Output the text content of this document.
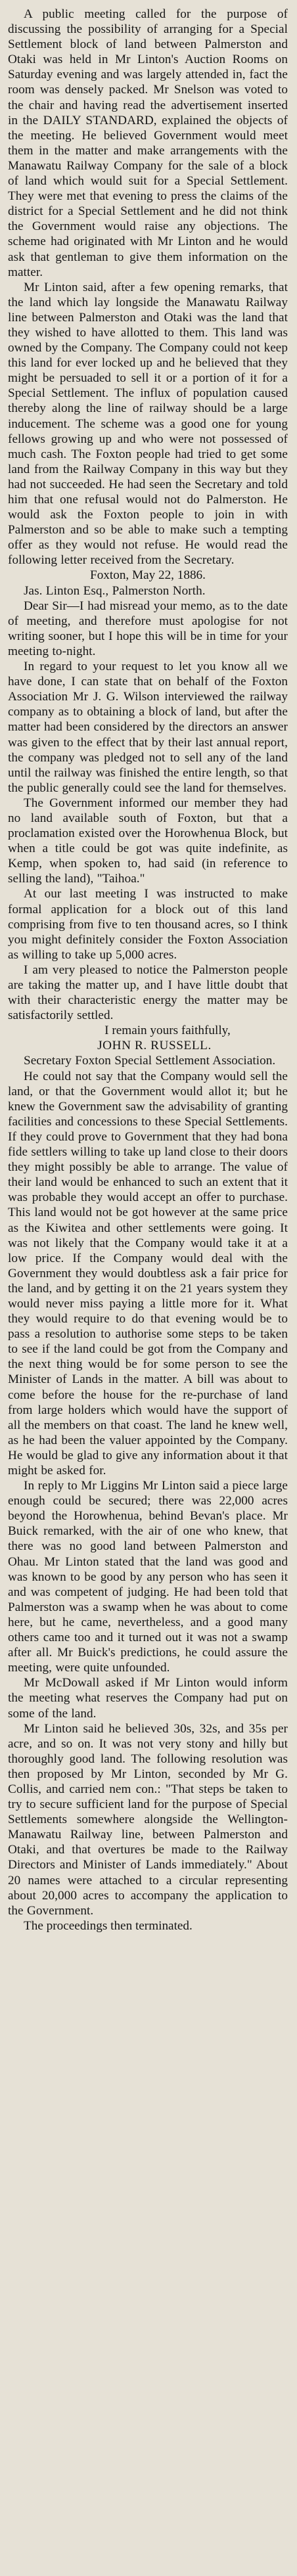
A public meeting called for the purpose of discussing the possibility of arranging for a Special Settlement block of land between Palmerston and Otaki was held in Mr Linton's Auction Rooms on Saturday evening and was largely attended in, fact the room was densely packed. Mr Snelson was voted to the chair and having read the advertisement inserted in the DAILY STANDARD, explained the objects of the meeting. He believed Government would meet them in the matter and make arrangements with the Manawatu Railway Company for the sale of a block of land which would suit for a Special Settlement. They were met that evening to press the claims of the district for a Special Settlement and he did not think the Government would raise any objections. The scheme had originated with Mr Linton and he would ask that gentleman to give them information on the matter.

Mr Linton said, after a few opening remarks, that the land which lay longside the Manawatu Railway line between Palmerston and Otaki was the land that they wished to have allotted to them. This land was owned by the Company. The Company could not keep this land for ever locked up and he believed that they might be persuaded to sell it or a portion of it for a Special Settlement. The influx of population caused thereby along the line of railway should be a large inducement. The scheme was a good one for young fellows growing up and who were not possessed of much cash. The Foxton people had tried to get some land from the Railway Company in this way but they had not succeeded. He had seen the Secretary and told him that one refusal would not do Palmerston. He would ask the Foxton people to join in with Palmerston and so be able to make such a tempting offer as they would not refuse. He would read the following letter received from the Secretary.

Foxton, May 22, 1886.

Jas. Linton Esq., Palmerston North.

Dear Sir—I had misread your memo, as to the date of meeting, and therefore must apologise for not writing sooner, but I hope this will be in time for your meeting to-night.

In regard to your request to let you know all we have done, I can state that on behalf of the Foxton Association Mr J. G. Wilson interviewed the railway company as to obtaining a block of land, but after the matter had been considered by the directors an answer was given to the effect that by their last annual report, the company was pledged not to sell any of the land until the railway was finished the entire length, so that the public generally could see the land for themselves.

The Government informed our member they had no land available south of Foxton, but that a proclamation existed over the Horowhenua Block, but when a title could be got was quite indefinite, as Kemp, when spoken to, had said (in reference to selling the land), "Taihoa."

At our last meeting I was instructed to make formal application for a block out of this land comprising from five to ten thousand acres, so I think you might definitely consider the Foxton Association as willing to take up 5,000 acres.

I am very pleased to notice the Palmerston people are taking the matter up, and I have little doubt that with their characteristic energy the matter may be satisfactorily settled.

I remain yours faithfully,

JOHN R. RUSSELL.

Secretary Foxton Special Settlement Association.

He could not say that the Company would sell the land, or that the Government would allot it; but he knew the Government saw the advisability of granting facilities and concessions to these Special Settlements. If they could prove to Government that they had bona fide settlers willing to take up land close to their doors they might possibly be able to arrange. The value of their land would be enhanced to such an extent that it was probable they would accept an offer to purchase. This land would not be got however at the same price as the Kiwitea and other settlements were going. It was not likely that the Company would take it at a low price. If the Company would deal with the Government they would doubtless ask a fair price for the land, and by getting it on the 21 years system they would never miss paying a little more for it. What they would require to do that evening would be to pass a resolution to authorise some steps to be taken to see if the land could be got from the Company and the next thing would be for some person to see the Minister of Lands in the matter. A bill was about to come before the house for the re-purchase of land from large holders which would have the support of all the members on that coast. The land he knew well, as he had been the valuer appointed by the Company. He would be glad to give any information about it that might be asked for.

In reply to Mr Liggins Mr Linton said a piece large enough could be secured; there was 22,000 acres beyond the Horowhenua, behind Bevan's place. Mr Buick remarked, with the air of one who knew, that there was no good land between Palmerston and Ohau. Mr Linton stated that the land was good and was known to be good by any person who has seen it and was competent of judging. He had been told that Palmerston was a swamp when he was about to come here, but he came, nevertheless, and a good many others came too and it turned out it was not a swamp after all. Mr Buick's predictions, he could assure the meeting, were quite unfounded.

Mr McDowall asked if Mr Linton would inform the meeting what reserves the Company had put on some of the land.

Mr Linton said he believed 30s, 32s, and 35s per acre, and so on. It was not very stony and hilly but thoroughly good land. The following resolution was then proposed by Mr Linton, seconded by Mr G. Collis, and carried nem con.: "That steps be taken to try to secure sufficient land for the purpose of Special Settlements somewhere alongside the Wellington-Manawatu Railway line, between Palmerston and Otaki, and that overtures be made to the Railway Directors and Minister of Lands immediately." About 20 names were attached to a circular representing about 20,000 acres to accompany the application to the Government.

The proceedings then terminated.
